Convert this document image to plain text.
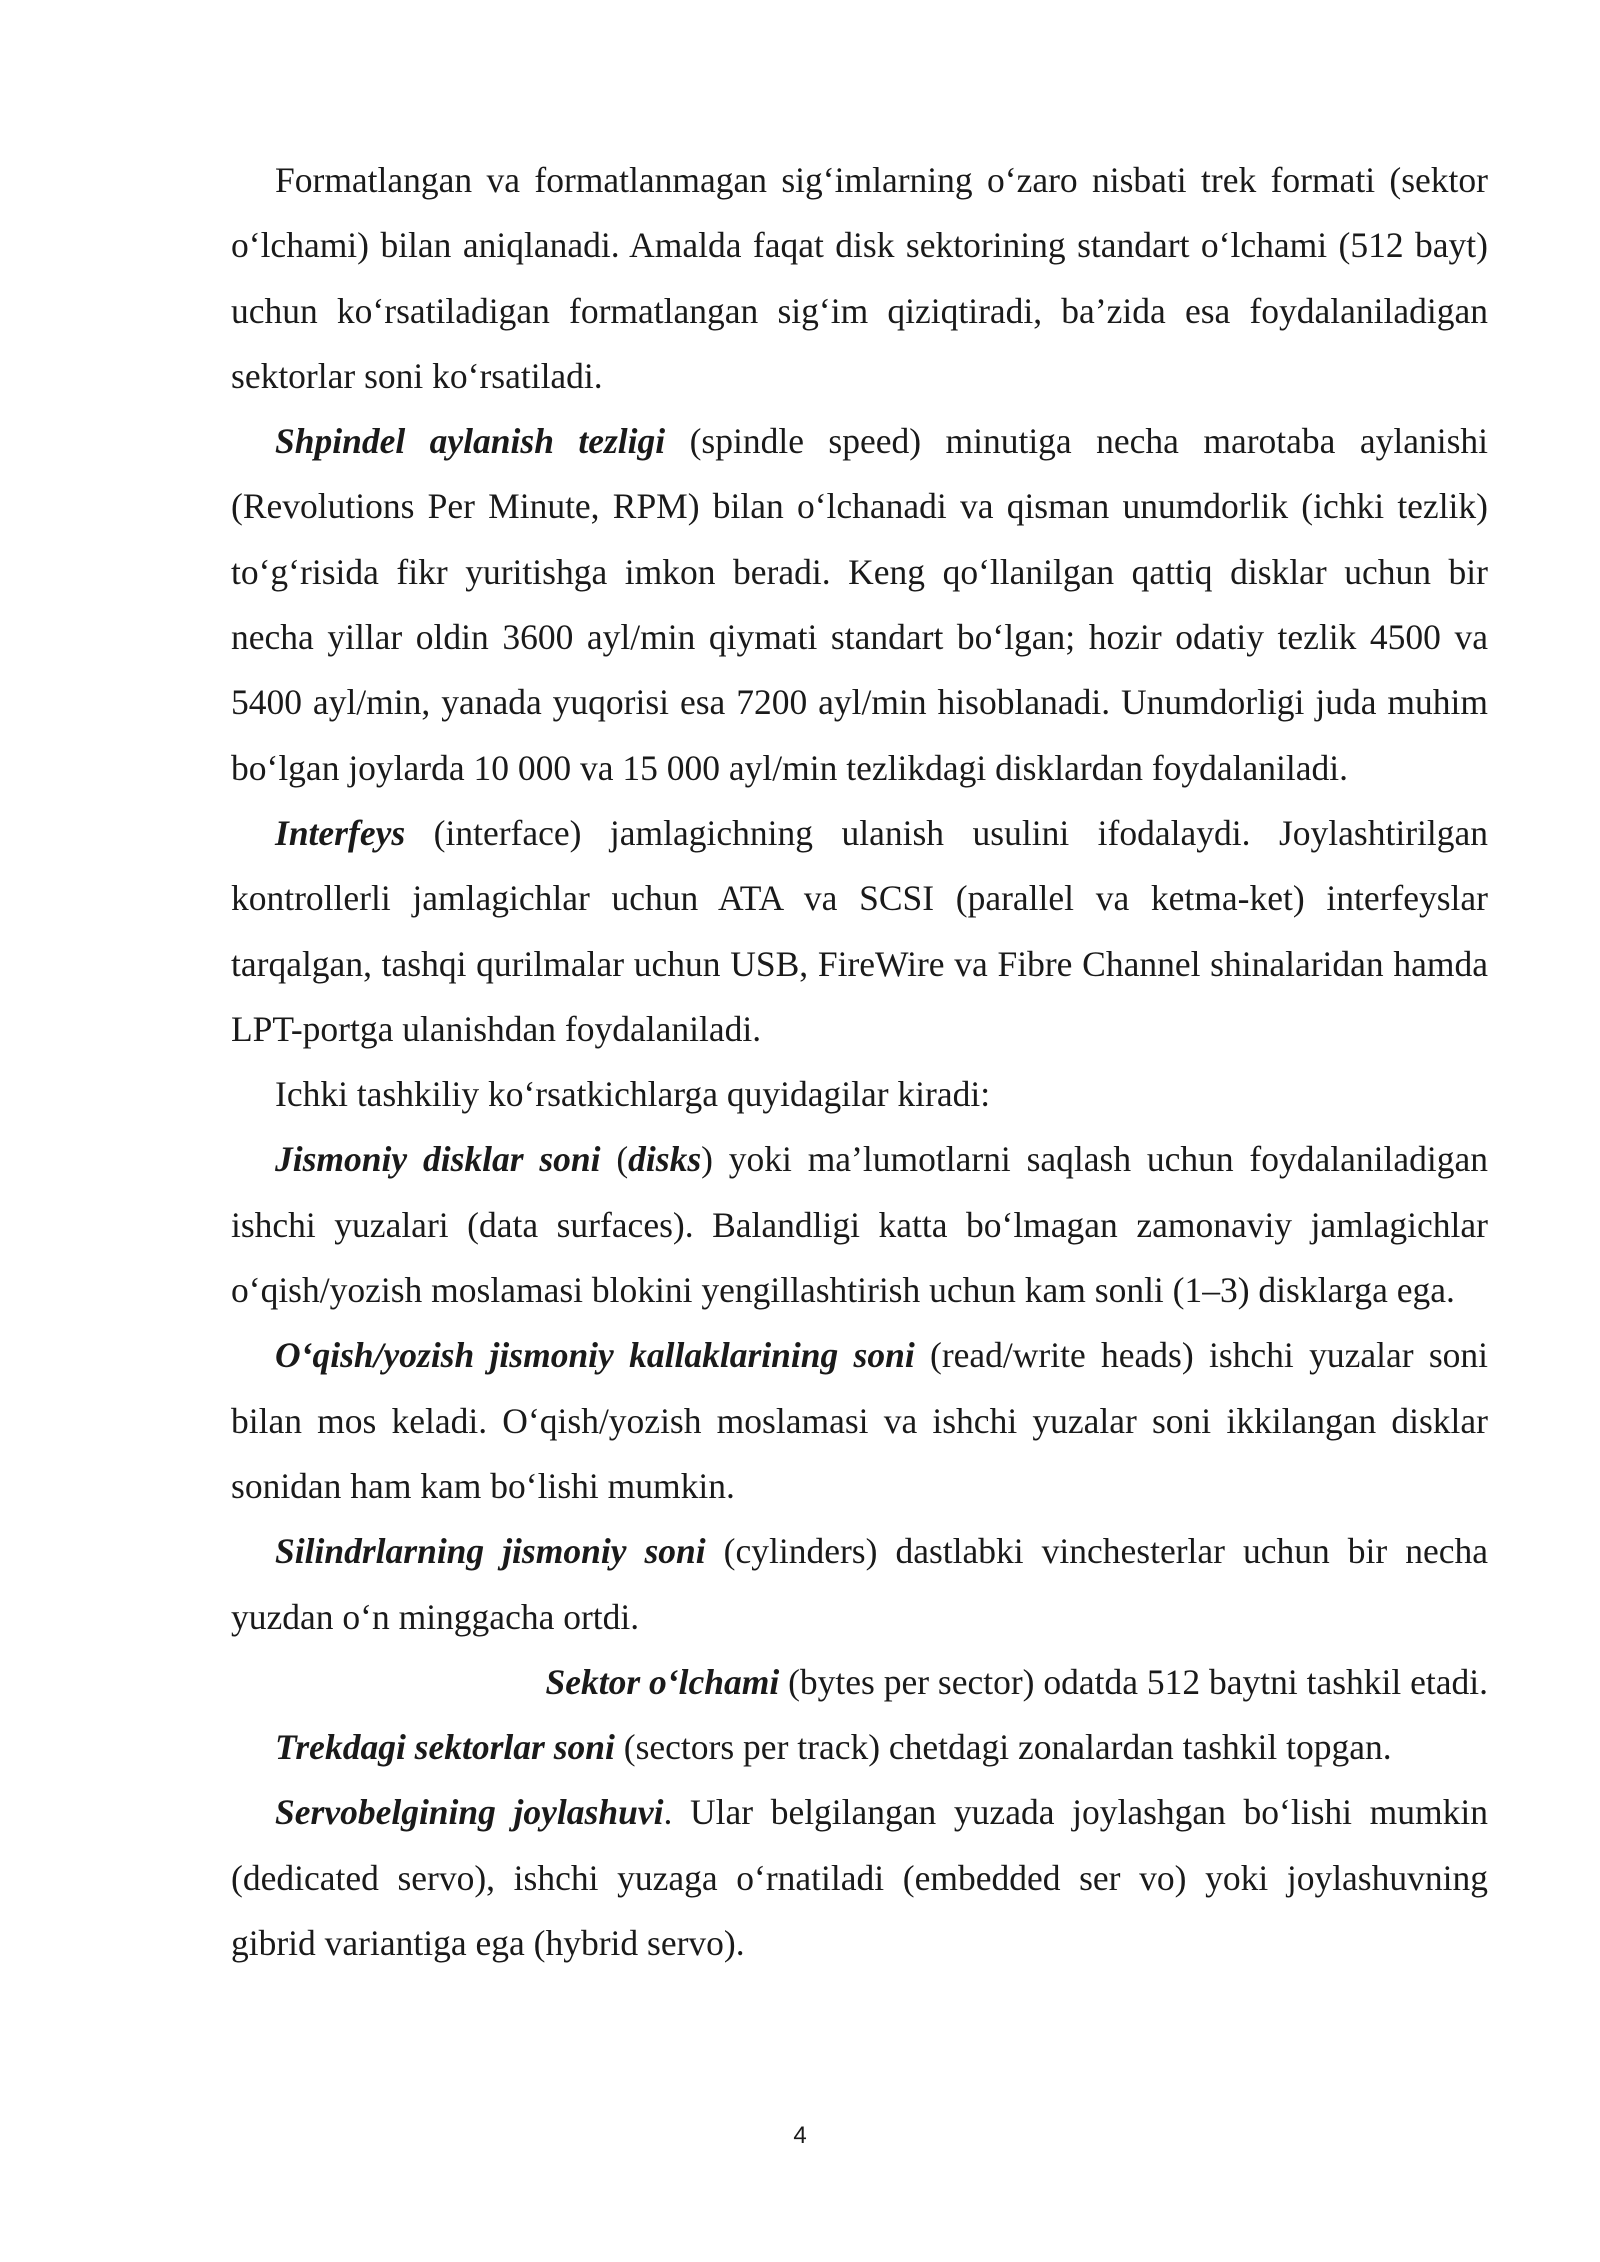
Formatlangan va formatlanmagan sig‘imlarning o‘zaro nisbati trek formati (sektor o‘lchami) bilan aniqlanadi. Amalda faqat disk sektorining standart o‘lchami (512 bayt) uchun ko‘rsatiladigan formatlangan sig‘im qiziqtiradi, ba’zida esa foydalaniladigan sektorlar soni ko‘rsatiladi.

Shpindel aylanish tezligi (spindle speed) minutiga necha marotaba aylanishi (Revolutions Per Minute, RPM) bilan o‘lchanadi va qisman unumdorlik (ichki tezlik) to‘g‘risida fikr yuritishga imkon beradi. Keng qo‘llanilgan qattiq disklar uchun bir necha yillar oldin 3600 ayl/min qiymati standart bo‘lgan; hozir odatiy tezlik 4500 va 5400 ayl/min, yanada yuqorisi esa 7200 ayl/min hisoblanadi. Unumdorligi juda muhim bo‘lgan joylarda 10 000 va 15 000 ayl/min tezlikdagi disklardan foydalaniladi.

Interfeys (interface) jamlagichning ulanish usulini ifodalaydi. Joylashtirilgan kontrollerli jamlagichlar uchun ATA va SCSI (parallel va ketma-ket) interfeyslar tarqalgan, tashqi qurilmalar uchun USB, FireWire va Fibre Channel shinalaridan hamda LPT-portga ulanishdan foydalaniladi.

Ichki tashkiliy ko‘rsatkichlarga quyidagilar kiradi:

Jismoniy disklar soni (disks) yoki ma’lumotlarni saqlash uchun foydalaniladigan ishchi yuzalari (data surfaces). Balandligi katta bo‘lmagan zamonaviy jamlagichlar o‘qish/yozish moslamasi blokini yengillashtirish uchun kam sonli (1–3) disklarga ega.

O‘qish/yozish jismoniy kallaklarining soni (read/write heads) ishchi yuzalar soni bilan mos keladi. O‘qish/yozish moslamasi va ishchi yuzalar soni ikkilangan disklar sonidan ham kam bo‘lishi mumkin.

Silindrlarning jismoniy soni (cylinders) dastlabki vinchesterlar uchun bir necha yuzdan o‘n minggacha ortdi.

Sektor o‘lchami (bytes per sector) odatda 512 baytni tashkil etadi.

Trekdagi sektorlar soni (sectors per track) chetdagi zonalardan tashkil topgan.

Servobelgining joylashuvi. Ular belgilangan yuzada joylashgan bo‘lishi mumkin (dedicated servo), ishchi yuzaga o‘rnatiladi (embedded ser vo) yoki joylashuvning gibrid variantiga ega (hybrid servo).

4
